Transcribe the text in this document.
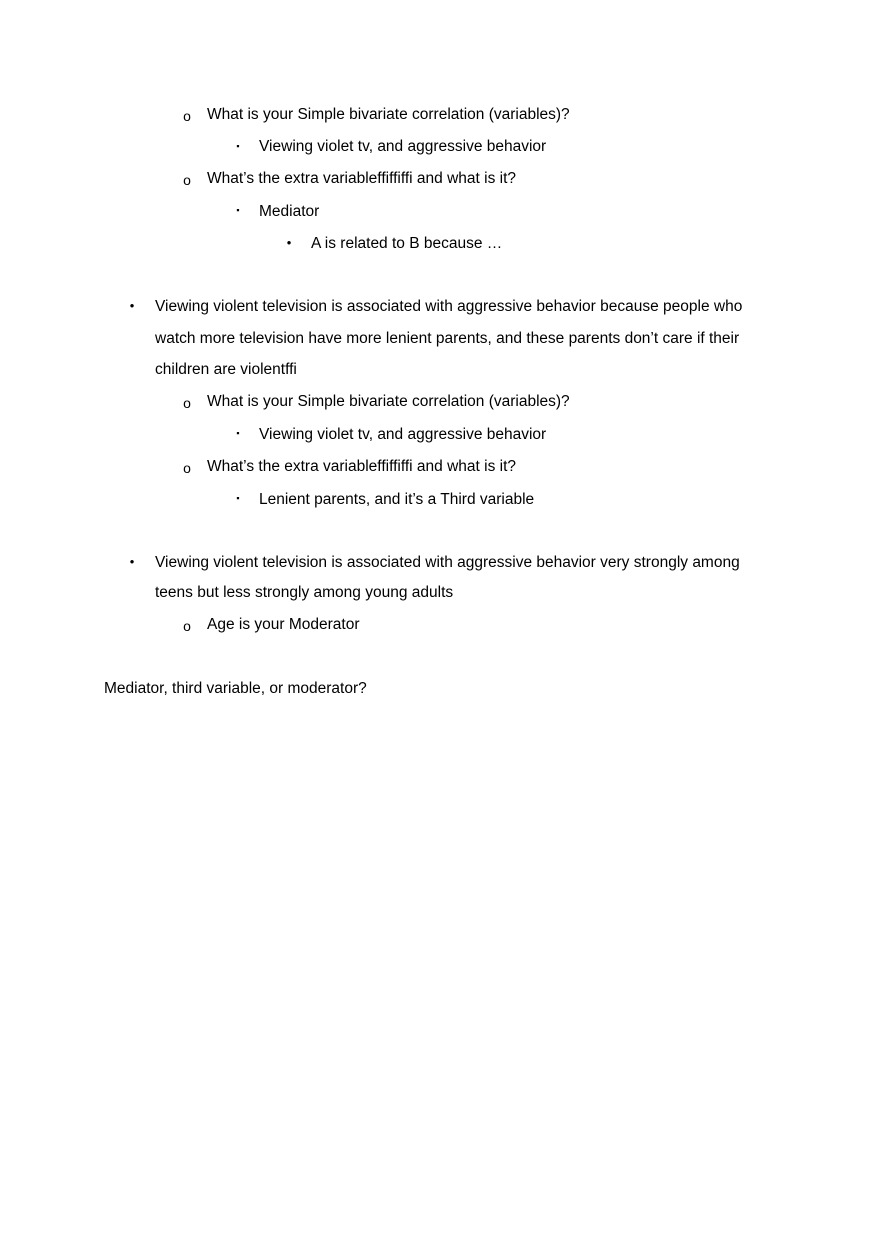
o What is your Simple bivariate correlation (variables)?
▪	Viewing violet tv, and aggressive behavior
o What’s the extra variableffiffiffi and what is it?
▪	Mediator
•	A is related to B because …
•	Viewing violent television is associated with aggressive behavior because people who
watch more television have more lenient parents, and these parents don’t care if their
children are violentffi
o What is your Simple bivariate correlation (variables)?
▪	Viewing violet tv, and aggressive behavior
o What’s the extra variableffiffiffi and what is it?
▪	Lenient parents, and it’s a Third variable
•	Viewing violent television is associated with aggressive behavior very strongly among
teens but less strongly among young adults
o Age is your Moderator
Mediator, third variable, or moderator?
